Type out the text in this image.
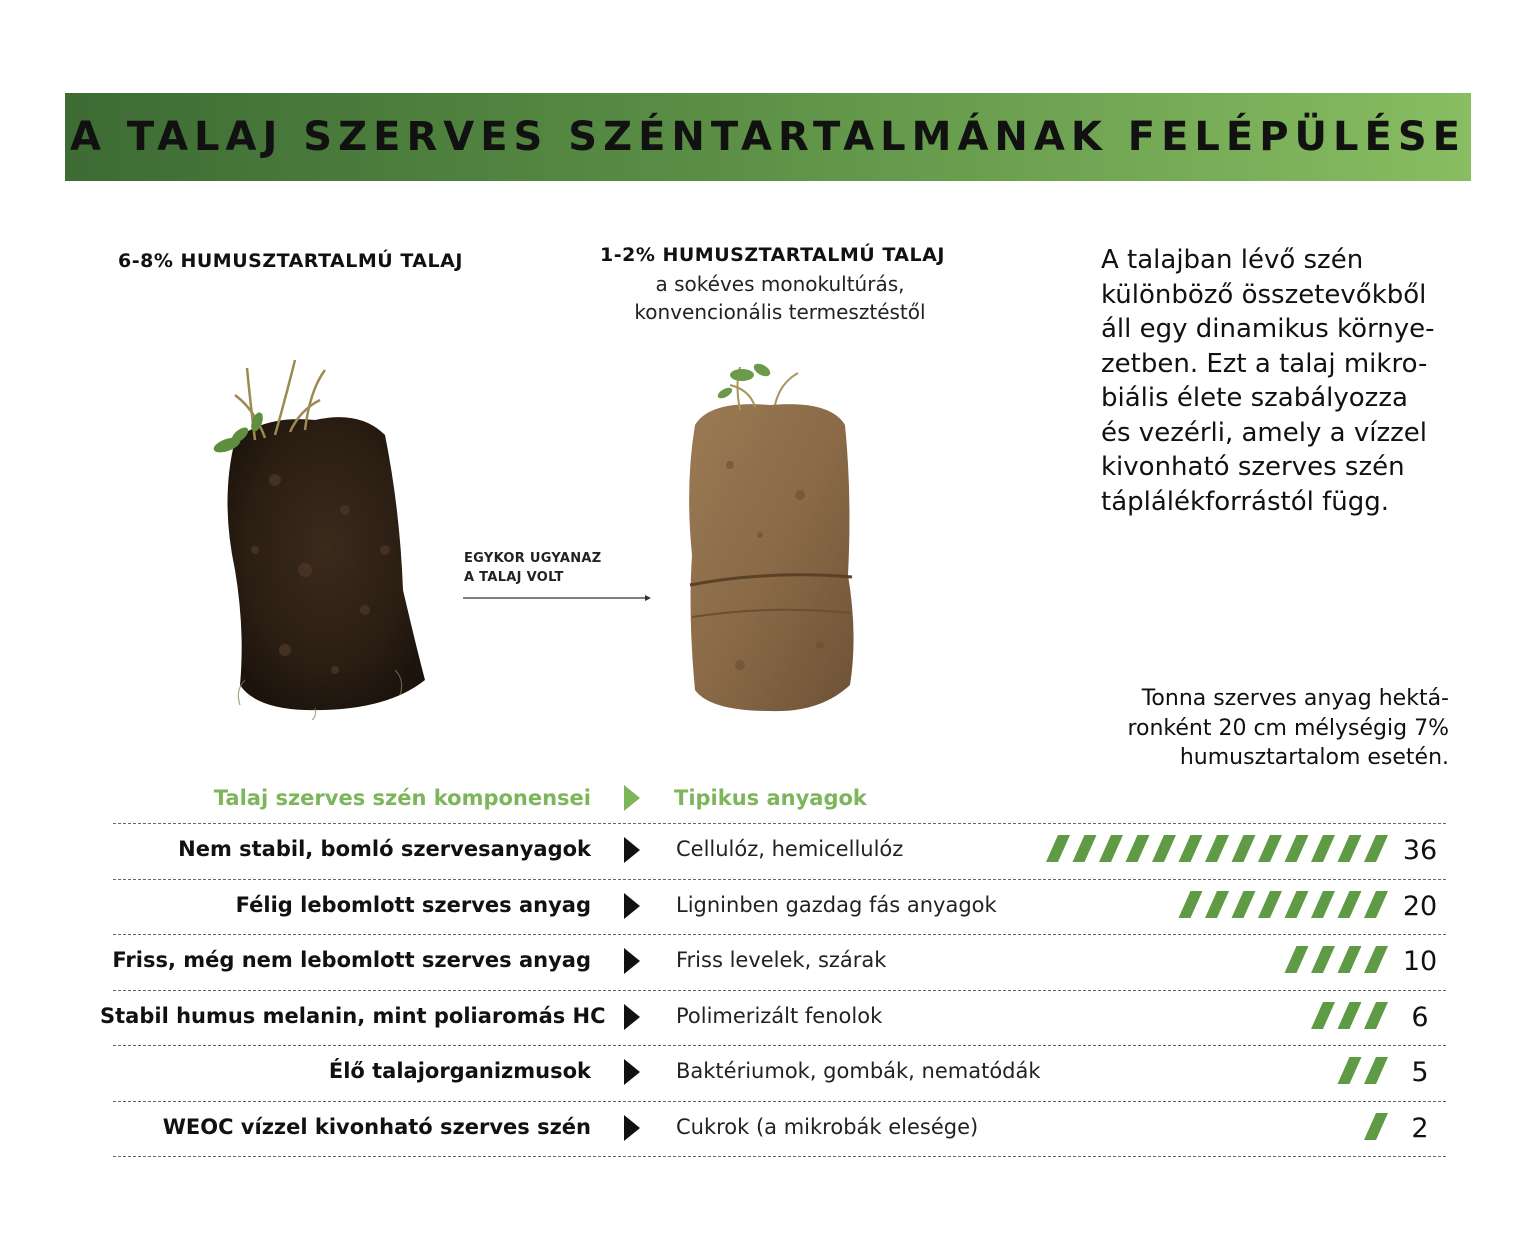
A TALAJ SZERVES SZÉNTARTALMÁNAK FELÉPÜLÉSE
6-8% HUMUSZTARTALMÚ TALAJ
EGYKOR UGYANAZ
A TALAJ VOLT
1-2% HUMUSZTARTALMÚ TALAJ
a sokéves monokultúrás,
konvencionális termesztéstől
A talajban lévő szén
különböző összetevőkből
áll egy dinamikus környe-
zetben. Ezt a talaj mikro-
biális élete szabályozza
és vezérli, amely a vízzel
kivonható szerves szén
táplálékforrástól függ.
Tonna szerves anyag hektá-
ronként 20 cm mélységig 7%
humusztartalom esetén.
Talaj szerves szén komponensei	Tipikus anyagok
Nem stabil, bomló szervesanyagok	Cellulóz, hemicellulóz	36
Félig lebomlott szerves anyag	Ligninben gazdag fás anyagok	20
Friss, még nem lebomlott szerves anyag	Friss levelek, szárak	10
Stabil humus melanin, mint poliaromás HC	Polimerizált fenolok	6
Élő talajorganizmusok	Baktériumok, gombák, nematódák	5
WEOC vízzel kivonható szerves szén	Cukrok (a mikrobák elesége)	2
